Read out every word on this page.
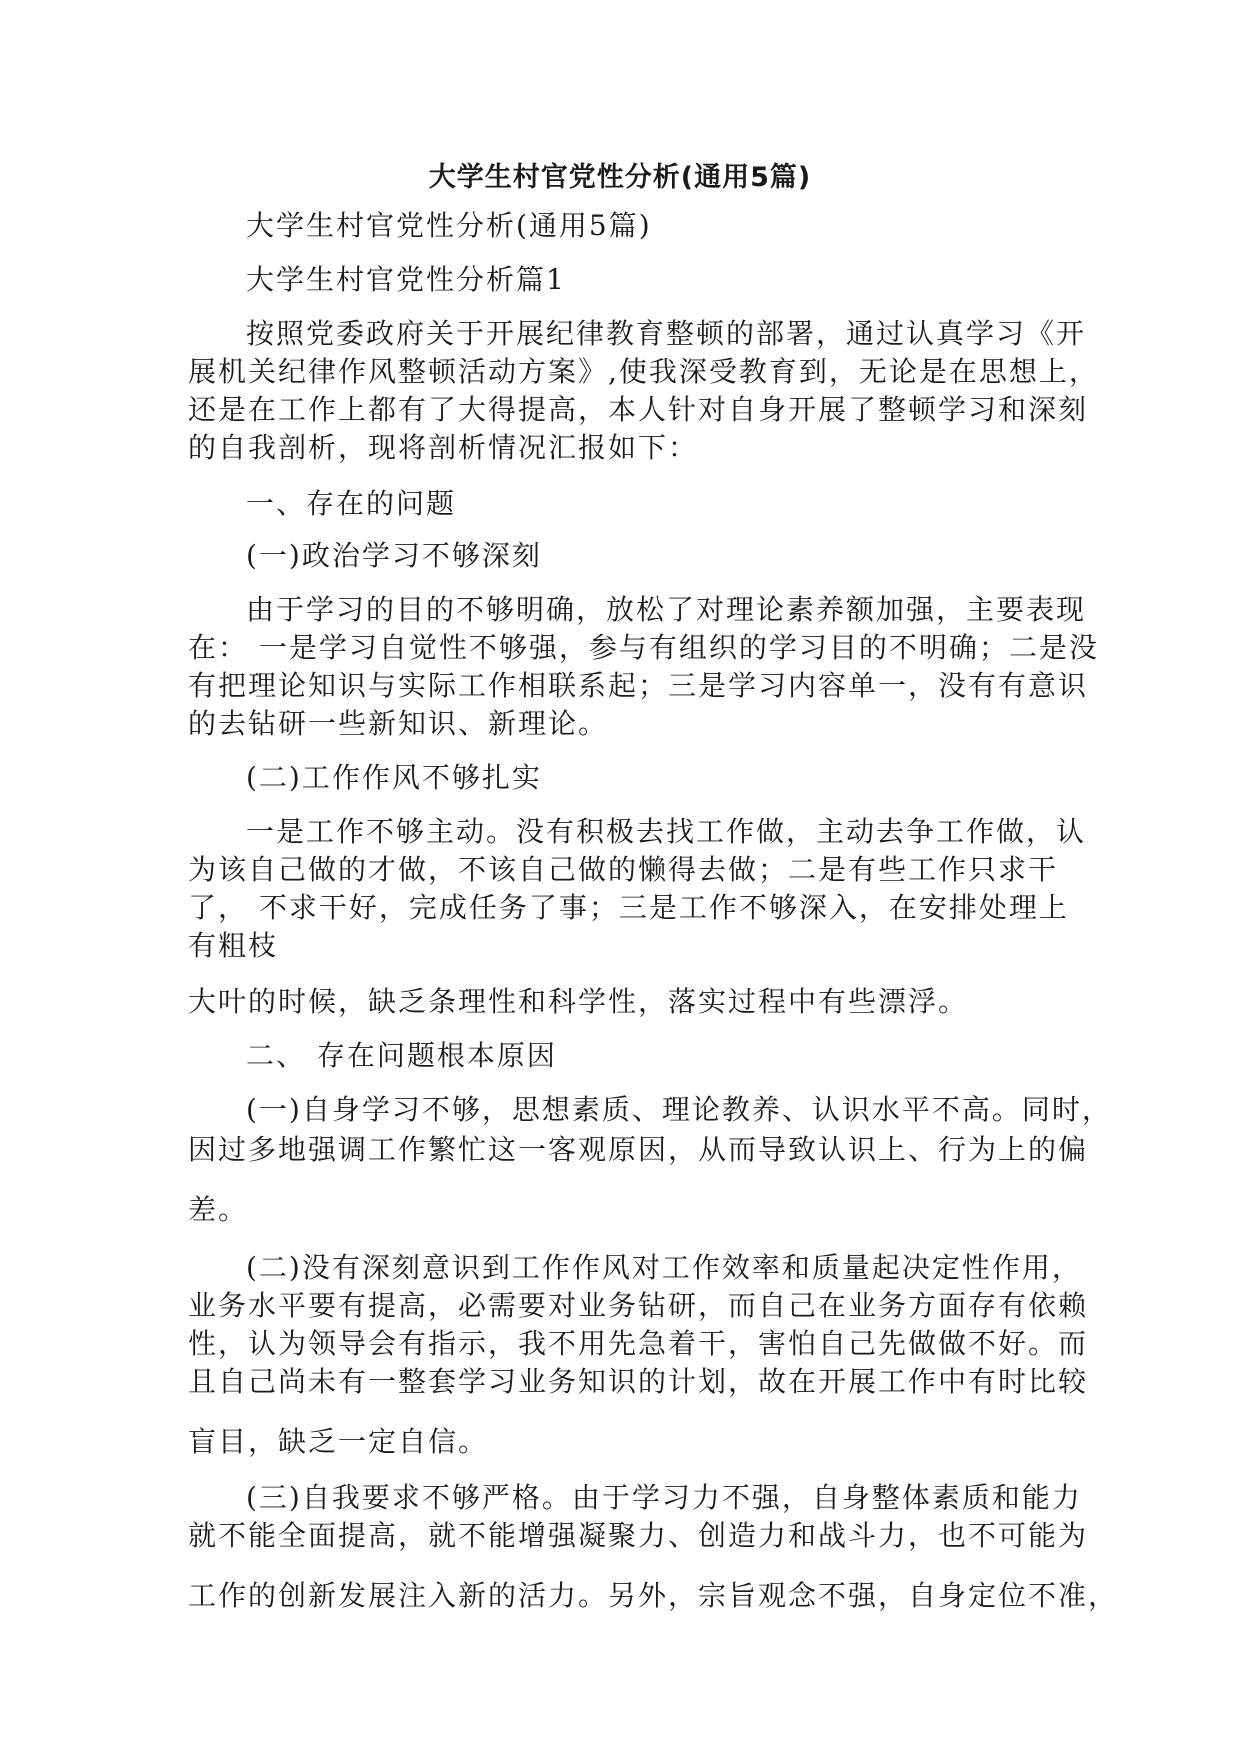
大学生村官党性分析(通用5篇)
大学生村官党性分析(通用5篇)
大学生村官党性分析篇1
按照党委政府关于开展纪律教育整顿的部署，通过认真学习《开
展机关纪律作风整顿活动方案》,使我深受教育到，无论是在思想上，
还是在工作上都有了大得提高，本人针对自身开展了整顿学习和深刻
的自我剖析，现将剖析情况汇报如下：
一、存在的问题
(一)政治学习不够深刻
由于学习的目的不够明确，放松了对理论素养额加强，主要表现
在： 一是学习自觉性不够强，参与有组织的学习目的不明确；二是没
有把理论知识与实际工作相联系起；三是学习内容单一，没有有意识
的去钻研一些新知识、新理论。
(二)工作作风不够扎实
一是工作不够主动。没有积极去找工作做，主动去争工作做，认
为该自己做的才做，不该自己做的懒得去做；二是有些工作只求干
了， 不求干好，完成任务了事；三是工作不够深入，在安排处理上
有粗枝
大叶的时候，缺乏条理性和科学性，落实过程中有些漂浮。
二、 存在问题根本原因
(一)自身学习不够，思想素质、理论教养、认识水平不高。同时，
因过多地强调工作繁忙这一客观原因，从而导致认识上、行为上的偏
差。
(二)没有深刻意识到工作作风对工作效率和质量起决定性作用，
业务水平要有提高，必需要对业务钻研，而自己在业务方面存有依赖
性，认为领导会有指示，我不用先急着干，害怕自己先做做不好。而
且自己尚未有一整套学习业务知识的计划，故在开展工作中有时比较
盲目，缺乏一定自信。
(三)自我要求不够严格。由于学习力不强，自身整体素质和能力
就不能全面提高，就不能增强凝聚力、创造力和战斗力，也不可能为
工作的创新发展注入新的活力。另外，宗旨观念不强，自身定位不准，
